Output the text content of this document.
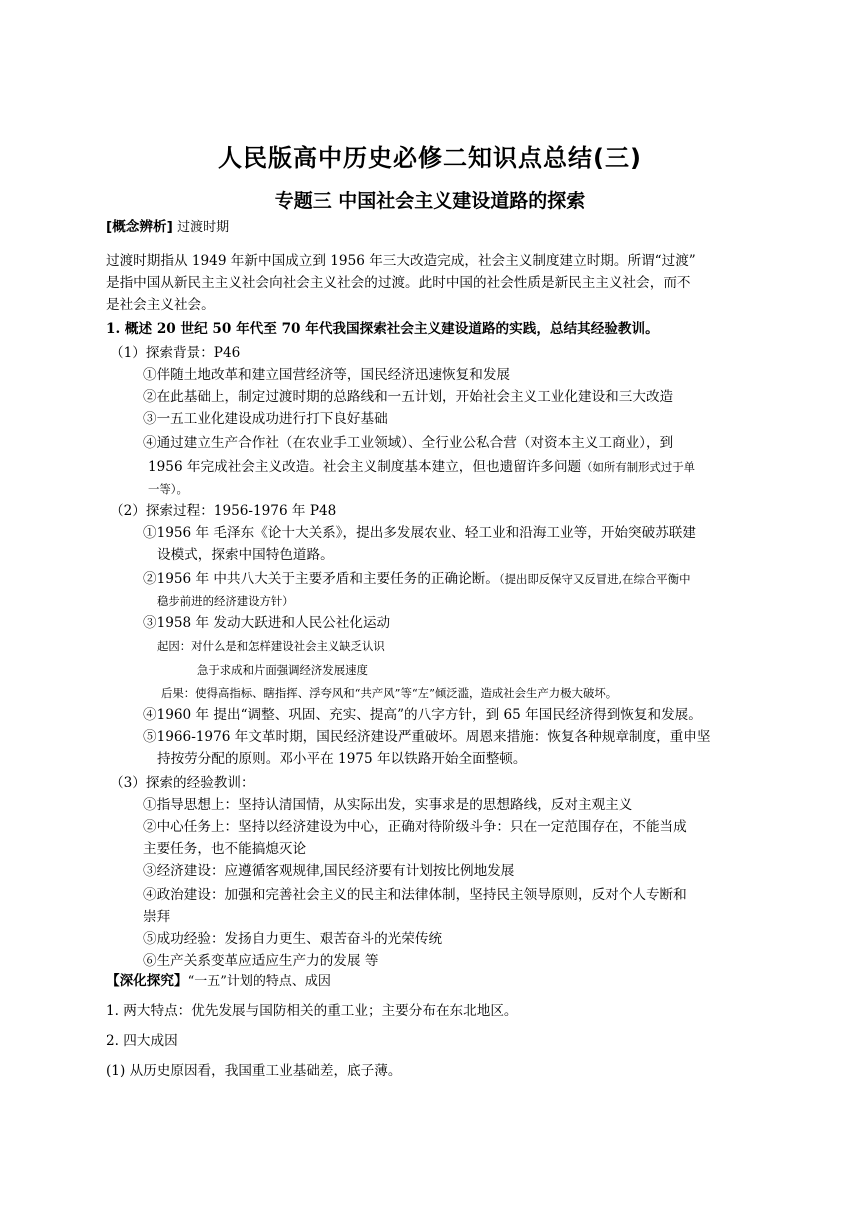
人民版高中历史必修二知识点总结(三)
专题三 中国社会主义建设道路的探索
[概念辨析] 过渡时期

过渡时期指从 1949 年新中国成立到 1956 年三大改造完成，社会主义制度建立时期。所谓“过渡”

是指中国从新民主主义社会向社会主义社会的过渡。此时中国的社会性质是新民主主义社会，而不

是社会主义社会。

1. 概述 20 世纪 50 年代至 70 年代我国探索社会主义建设道路的实践，总结其经验教训。

（1）探索背景：P46

①伴随土地改革和建立国营经济等，国民经济迅速恢复和发展

②在此基础上，制定过渡时期的总路线和一五计划，开始社会主义工业化建设和三大改造

③一五工业化建设成功进行打下良好基础

④通过建立生产合作社（在农业手工业领域）、全行业公私合营（对资本主义工商业），到

1956 年完成社会主义改造。社会主义制度基本建立，但也遗留许多问题（如所有制形式过于单

一等）。

（2）探索过程：1956-1976 年 P48

①1956 年 毛泽东《论十大关系》，提出多发展农业、轻工业和沿海工业等，开始突破苏联建

设模式，探索中国特色道路。

②1956 年 中共八大关于主要矛盾和主要任务的正确论断。（提出即反保守又反冒进,在综合平衡中

稳步前进的经济建设方针）

③1958 年 发动大跃进和人民公社化运动

起因：对什么是和怎样建设社会主义缺乏认识

急于求成和片面强调经济发展速度

后果：使得高指标、瞎指挥、浮夸风和“共产风”等“左”倾泛滥，造成社会生产力极大破坏。

④1960 年 提出“调整、巩固、充实、提高”的八字方针，到 65 年国民经济得到恢复和发展。

⑤1966-1976 年文革时期，国民经济建设严重破坏。周恩来措施：恢复各种规章制度，重申坚

持按劳分配的原则。邓小平在 1975 年以铁路开始全面整顿。

（3）探索的经验教训：

①指导思想上：坚持认清国情，从实际出发，实事求是的思想路线，反对主观主义

②中心任务上：坚持以经济建设为中心，正确对待阶级斗争：只在一定范围存在，不能当成

主要任务，也不能搞熄灭论

③经济建设：应遵循客观规律,国民经济要有计划按比例地发展

④政治建设：加强和完善社会主义的民主和法律体制，坚持民主领导原则，反对个人专断和

崇拜

⑤成功经验：发扬自力更生、艰苦奋斗的光荣传统

⑥生产关系变革应适应生产力的发展 等

【深化探究】“一五”计划的特点、成因

1. 两大特点：优先发展与国防相关的重工业；主要分布在东北地区。

2. 四大成因

(1) 从历史原因看，我国重工业基础差，底子薄。
